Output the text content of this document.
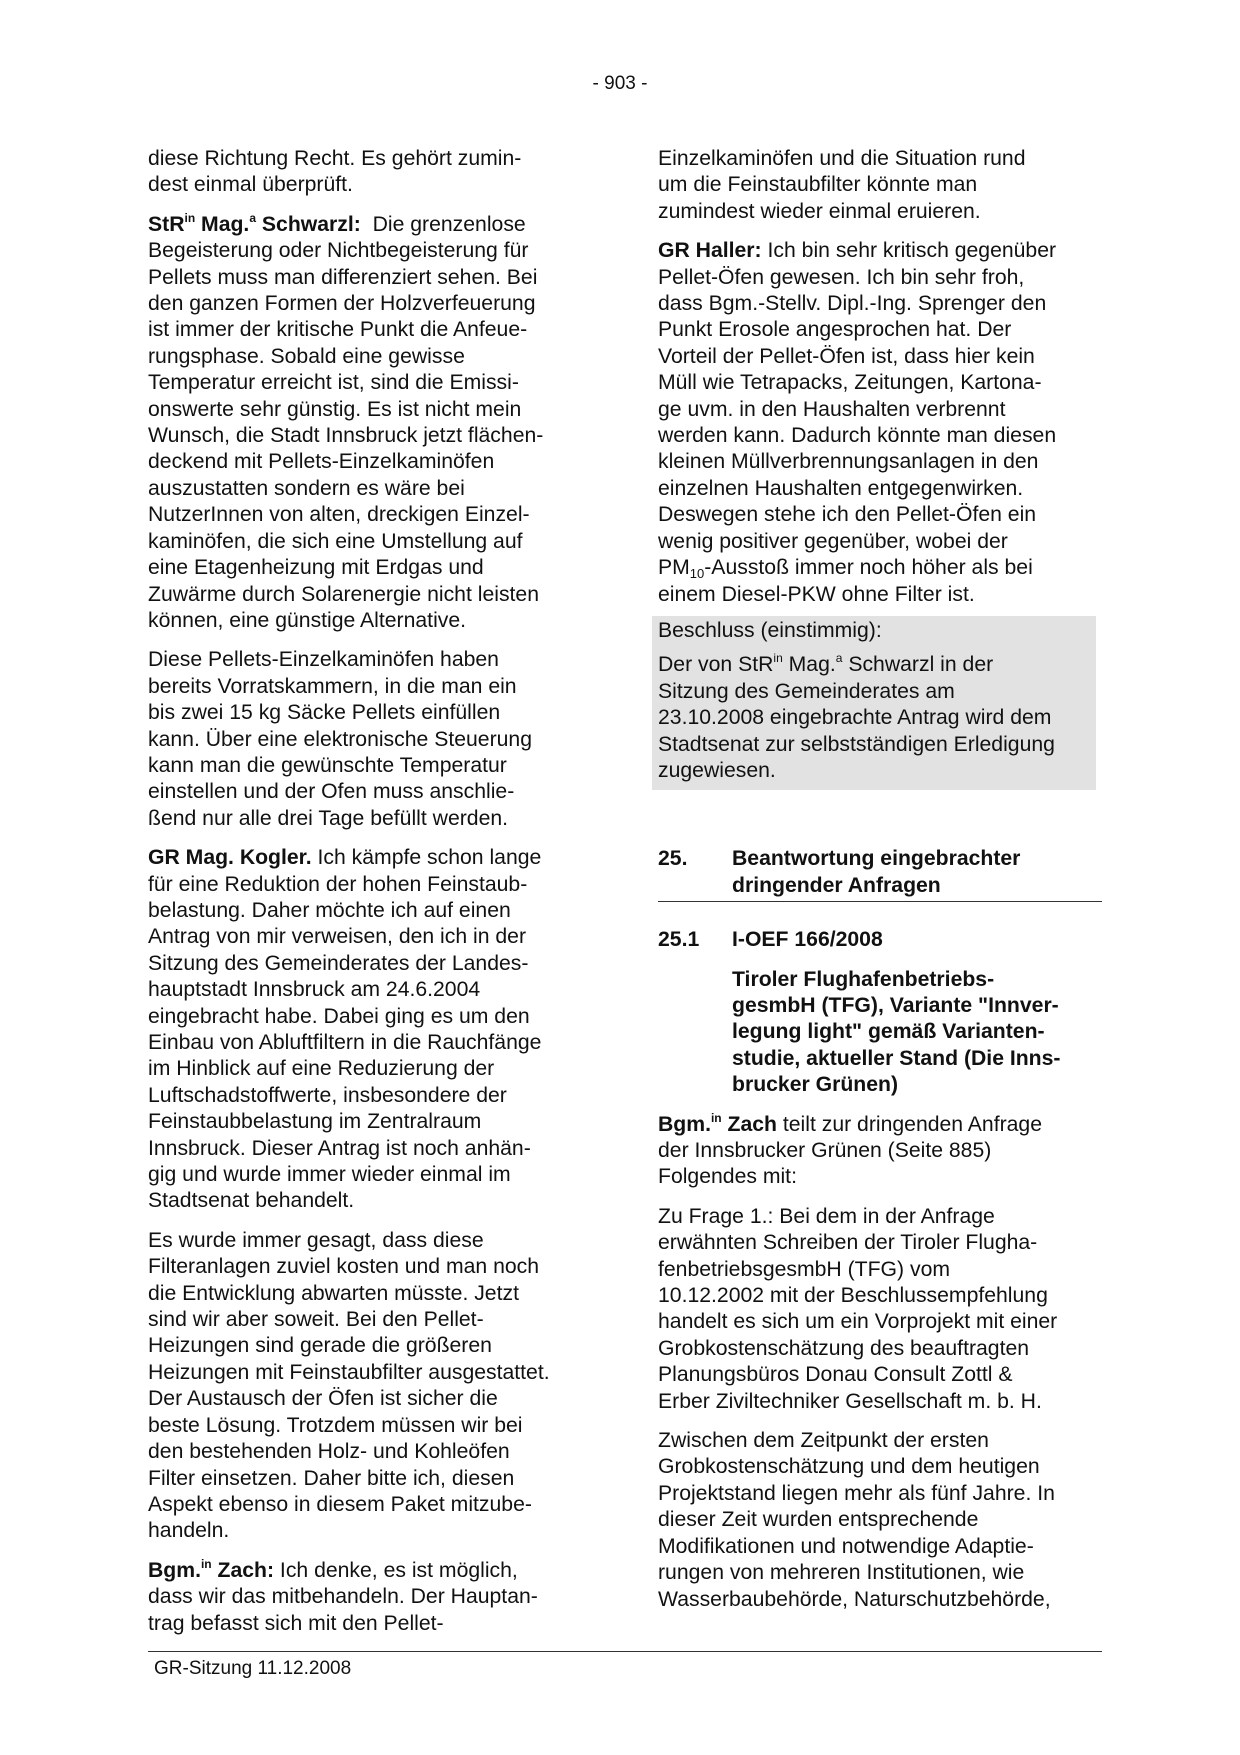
- 903 -
diese Richtung Recht. Es gehört zumin-
dest einmal überprüft.
StR$^{in}$ Mag.$^a$ Schwarzl:  Die grenzenlose
Begeisterung oder Nichtbegeisterung für
Pellets muss man differenziert sehen. Bei
den ganzen Formen der Holzverfeuerung
ist immer der kritische Punkt die Anfeue-
rungsphase. Sobald eine gewisse
Temperatur erreicht ist, sind die Emissi-
onswerte sehr günstig. Es ist nicht mein
Wunsch, die Stadt Innsbruck jetzt flächen-
deckend mit Pellets-Einzelkaminöfen
auszustatten sondern es wäre bei
NutzerInnen von alten, dreckigen Einzel-
kaminöfen, die sich eine Umstellung auf
eine Etagenheizung mit Erdgas und
Zuwärme durch Solarenergie nicht leisten
können, eine günstige Alternative.
Diese Pellets-Einzelkaminöfen haben
bereits Vorratskammern, in die man ein
bis zwei 15 kg Säcke Pellets einfüllen
kann. Über eine elektronische Steuerung
kann man die gewünschte Temperatur
einstellen und der Ofen muss anschlie-
ßend nur alle drei Tage befüllt werden.
GR Mag. Kogler. Ich kämpfe schon lange
für eine Reduktion der hohen Feinstaub-
belastung. Daher möchte ich auf einen
Antrag von mir verweisen, den ich in der
Sitzung des Gemeinderates der Landes-
hauptstadt Innsbruck am 24.6.2004
eingebracht habe. Dabei ging es um den
Einbau von Abluftfiltern in die Rauchfänge
im Hinblick auf eine Reduzierung der
Luftschadstoffwerte, insbesondere der
Feinstaubbelastung im Zentralraum
Innsbruck. Dieser Antrag ist noch anhän-
gig und wurde immer wieder einmal im
Stadtsenat behandelt.
Es wurde immer gesagt, dass diese
Filteranlagen zuviel kosten und man noch
die Entwicklung abwarten müsste. Jetzt
sind wir aber soweit. Bei den Pellet-
Heizungen sind gerade die größeren
Heizungen mit Feinstaubfilter ausgestattet.
Der Austausch der Öfen ist sicher die
beste Lösung. Trotzdem müssen wir bei
den bestehenden Holz- und Kohleöfen
Filter einsetzen. Daher bitte ich, diesen
Aspekt ebenso in diesem Paket mitzube-
handeln.
Bgm.$^{in}$ Zach: Ich denke, es ist möglich,
dass wir das mitbehandeln. Der Hauptan-
trag befasst sich mit den Pellet-
Einzelkaminöfen und die Situation rund
um die Feinstaubfilter könnte man
zumindest wieder einmal eruieren.
GR Haller: Ich bin sehr kritisch gegenüber
Pellet-Öfen gewesen. Ich bin sehr froh,
dass Bgm.-Stellv. Dipl.-Ing. Sprenger den
Punkt Erosole angesprochen hat. Der
Vorteil der Pellet-Öfen ist, dass hier kein
Müll wie Tetrapacks, Zeitungen, Kartona-
ge uvm. in den Haushalten verbrennt
werden kann. Dadurch könnte man diesen
kleinen Müllverbrennungsanlagen in den
einzelnen Haushalten entgegenwirken.
Deswegen stehe ich den Pellet-Öfen ein
wenig positiver gegenüber, wobei der
$PM_{10}$-Ausstoß immer noch höher als bei
einem Diesel-PKW ohne Filter ist.
Beschluss (einstimmig):
Der von StR$^{in}$ Mag.$^a$ Schwarzl in der
Sitzung des Gemeinderates am
23.10.2008 eingebrachte Antrag wird dem
Stadtsenat zur selbstständigen Erledigung
zugewiesen.
25.	Beantwortung eingebrachter
dringender Anfragen
25.1	I-OEF 166/2008
Tiroler Flughafenbetriebs-
gesmbH (TFG), Variante "Innver-
legung light" gemäß Varianten-
studie, aktueller Stand (Die Inns-
brucker Grünen)
Bgm.$^{in}$ Zach teilt zur dringenden Anfrage
der Innsbrucker Grünen (Seite 885)
Folgendes mit:
Zu Frage 1.: Bei dem in der Anfrage
erwähnten Schreiben der Tiroler Flugha-
fenbetriebsgesmbH (TFG) vom
10.12.2002 mit der Beschlussempfehlung
handelt es sich um ein Vorprojekt mit einer
Grobkostenschätzung des beauftragten
Planungsbüros Donau Consult Zottl &
Erber Ziviltechniker Gesellschaft m. b. H.
Zwischen dem Zeitpunkt der ersten
Grobkostenschätzung und dem heutigen
Projektstand liegen mehr als fünf Jahre. In
dieser Zeit wurden entsprechende
Modifikationen und notwendige Adaptie-
rungen von mehreren Institutionen, wie
Wasserbaubehörde, Naturschutzbehörde,
GR-Sitzung 11.12.2008
